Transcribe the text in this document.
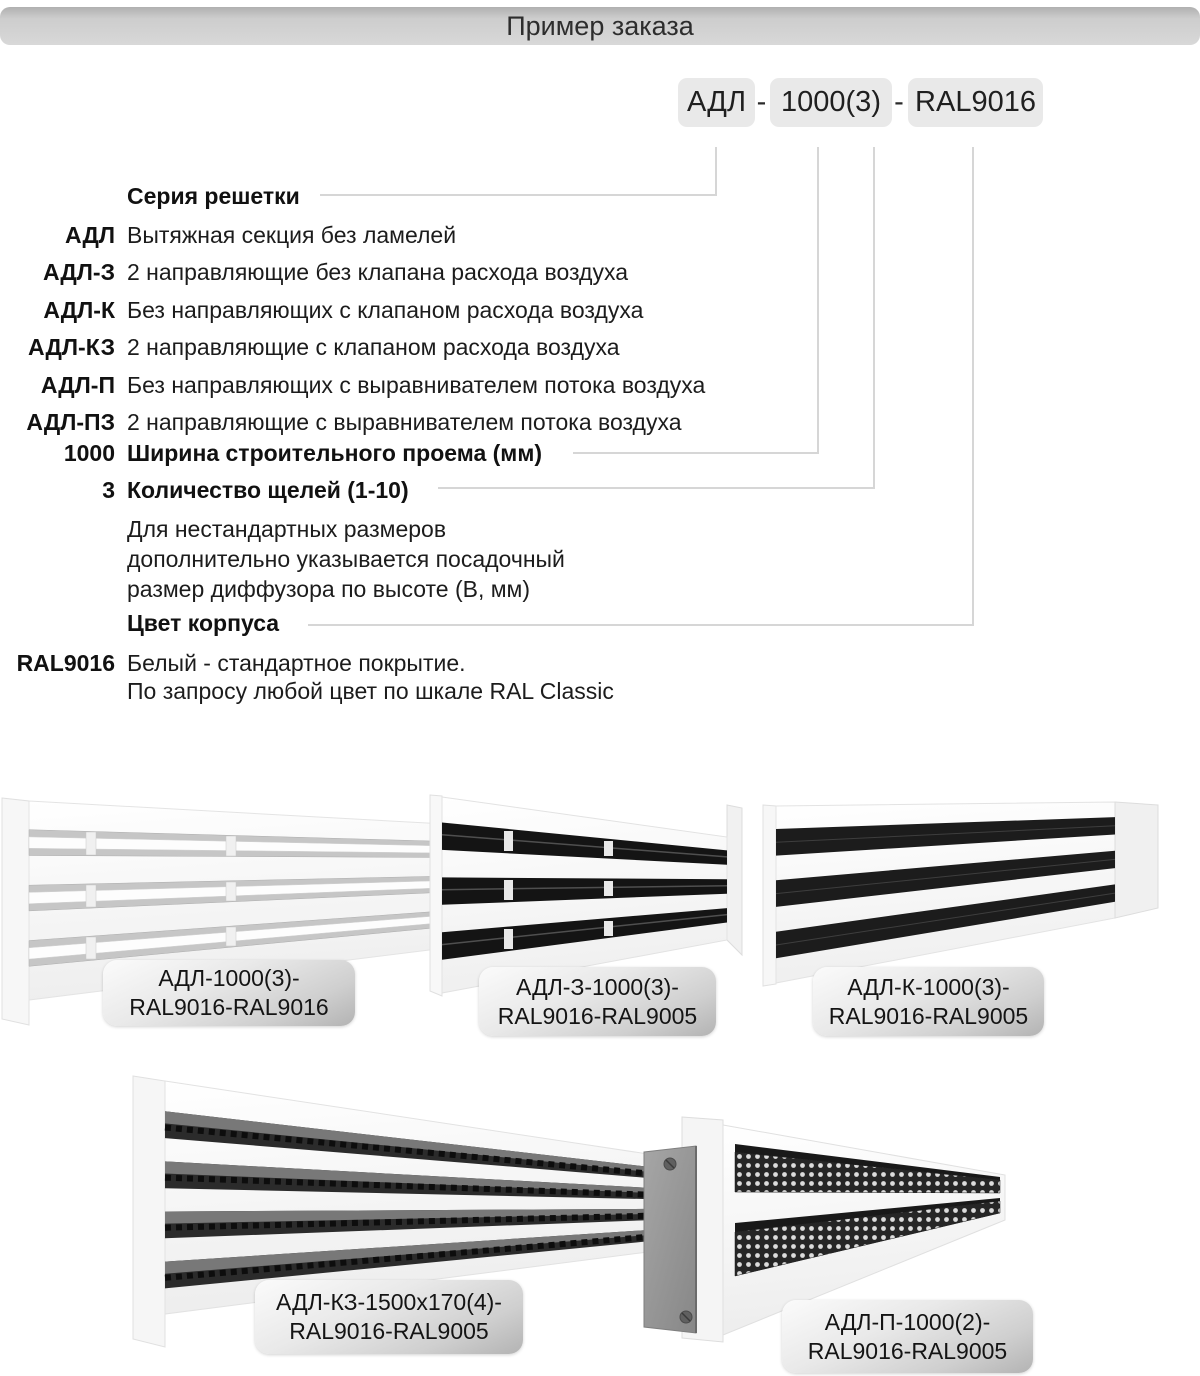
Пример заказа
АДЛ - 1000(3) - RAL9016
Серия решетки
АДЛ Вытяжная секция без ламелей
АДЛ-З 2 направляющие без клапана расхода воздуха
АДЛ-К Без направляющих с клапаном расхода воздуха
АДЛ-КЗ 2 направляющие с клапаном расхода воздуха
АДЛ-П Без направляющих с выравнивателем потока воздуха
АДЛ-ПЗ 2 направляющие с выравнивателем потока воздуха
1000 Ширина строительного проема (мм)
3 Количество щелей (1-10)
Для нестандартных размеров
дополнительно указывается посадочный
размер диффузора по высоте (В, мм)
Цвет корпуса
RAL9016 Белый - стандартное покрытие.
По запросу любой цвет по шкале RAL Classic
АДЛ-1000(3)-
RAL9016-RAL9016
АДЛ-З-1000(3)-
RAL9016-RAL9005
АДЛ-К-1000(3)-
RAL9016-RAL9005
АДЛ-КЗ-1500x170(4)-
RAL9016-RAL9005	АДЛ-П-1000(2)-
RAL9016-RAL9005
